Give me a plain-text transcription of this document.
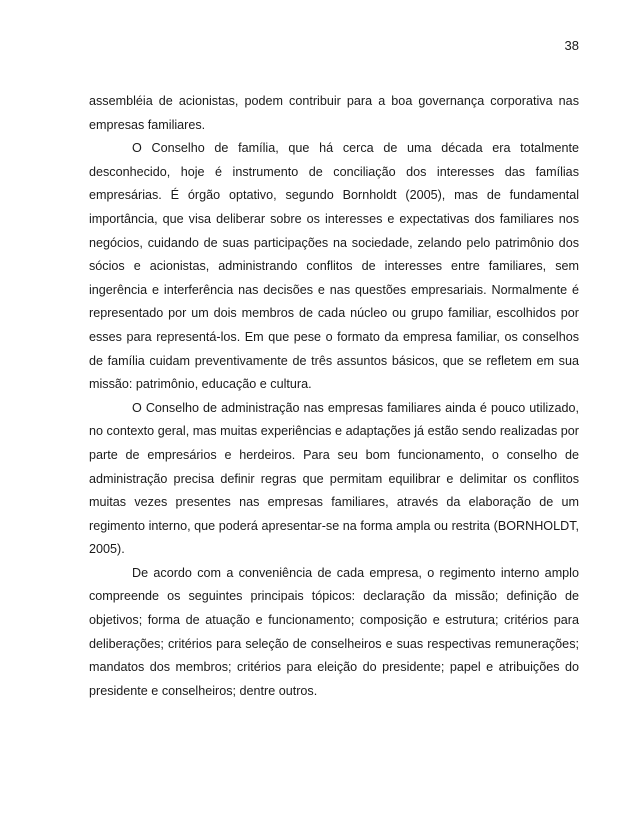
38

assembléia de acionistas, podem contribuir para a boa governança corporativa nas empresas familiares.

O Conselho de família, que há cerca de uma década era totalmente desconhecido, hoje é instrumento de conciliação dos interesses das famílias empresárias. É órgão optativo, segundo Bornholdt (2005), mas de fundamental importância, que visa deliberar sobre os interesses e expectativas dos familiares nos negócios, cuidando de suas participações na sociedade, zelando pelo patrimônio dos sócios e acionistas, administrando conflitos de interesses entre familiares, sem ingerência e interferência nas decisões e nas questões empresariais. Normalmente é representado por um dois membros de cada núcleo ou grupo familiar, escolhidos por esses para representá-los. Em que pese o formato da empresa familiar, os conselhos de família cuidam preventivamente de três assuntos básicos, que se refletem em sua missão: patrimônio, educação e cultura.

O Conselho de administração nas empresas familiares ainda é pouco utilizado, no contexto geral, mas muitas experiências e adaptações já estão sendo realizadas por parte de empresários e herdeiros. Para seu bom funcionamento, o conselho de administração precisa definir regras que permitam equilibrar e delimitar os conflitos muitas vezes presentes nas empresas familiares, através da elaboração de um regimento interno, que poderá apresentar-se na forma ampla ou restrita (BORNHOLDT, 2005).

De acordo com a conveniência de cada empresa, o regimento interno amplo compreende os seguintes principais tópicos: declaração da missão; definição de objetivos; forma de atuação e funcionamento; composição e estrutura; critérios para deliberações; critérios para seleção de conselheiros e suas respectivas remunerações; mandatos dos membros; critérios para eleição do presidente; papel e atribuições do presidente e conselheiros; dentre outros.
